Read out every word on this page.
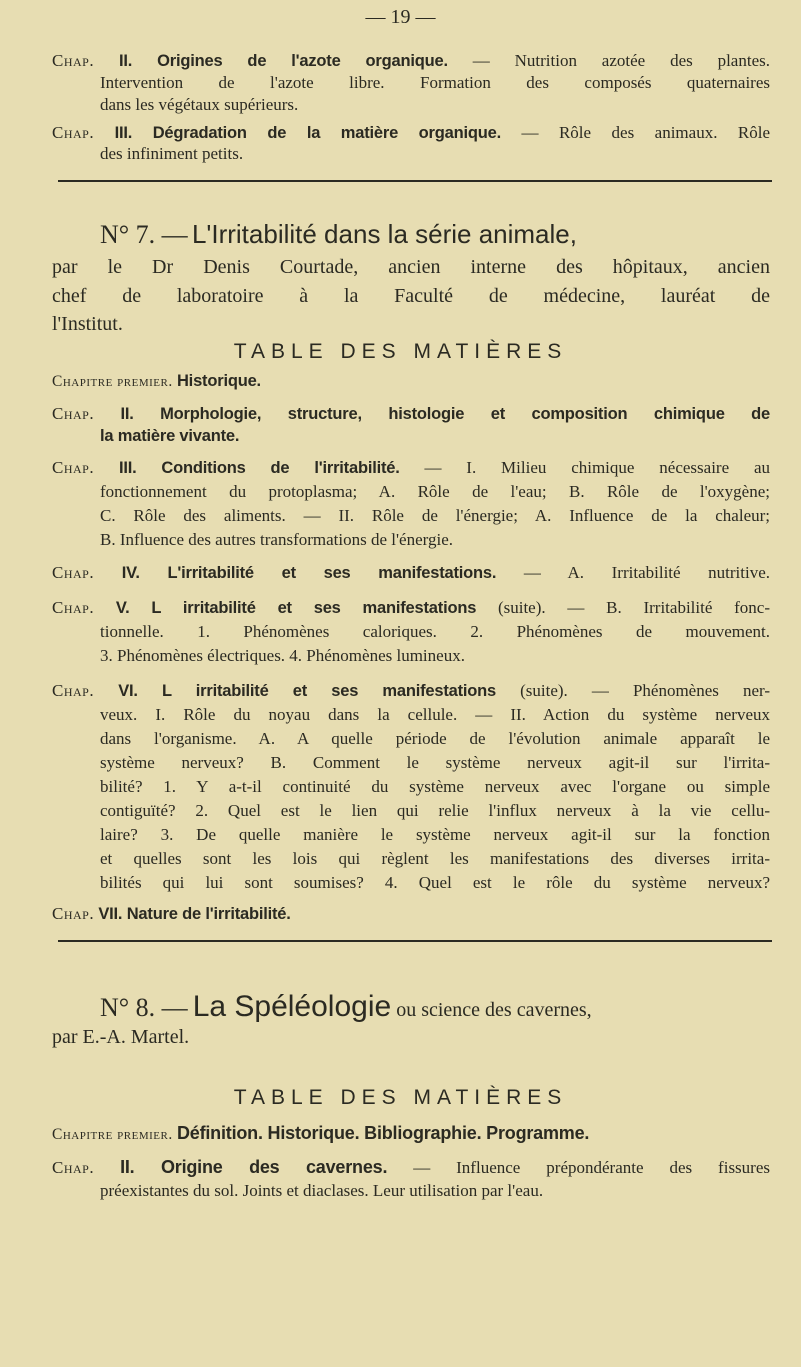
— 19 —
Chap. II. Origines de l'azote organique. — Nutrition azotée des plantes.
Intervention de l'azote libre. Formation des composés quaternaires
dans les végétaux supérieurs.
Chap. III. Dégradation de la matière organique. — Rôle des animaux. Rôle
des infiniment petits.
N° 7. — L'Irritabilité dans la série animale,
par le Dr Denis Courtade, ancien interne des hôpitaux, ancien
chef de laboratoire à la Faculté de médecine, lauréat de
l'Institut.
TABLE DES MATIÈRES
Chapitre premier. Historique.
Chap. II. Morphologie, structure, histologie et composition chimique de
la matière vivante.
Chap. III. Conditions de l'irritabilité. — I. Milieu chimique nécessaire au
fonctionnement du protoplasma; A. Rôle de l'eau; B. Rôle de l'oxygène;
C. Rôle des aliments. — II. Rôle de l'énergie; A. Influence de la chaleur;
B. Influence des autres transformations de l'énergie.
Chap. IV. L'irritabilité et ses manifestations. — A. Irritabilité nutritive.
Chap. V. L irritabilité et ses manifestations (suite). — B. Irritabilité fonc-
tionnelle. 1. Phénomènes caloriques. 2. Phénomènes de mouvement.
3. Phénomènes électriques. 4. Phénomènes lumineux.
Chap. VI. L irritabilité et ses manifestations (suite). — Phénomènes ner-
veux. I. Rôle du noyau dans la cellule. — II. Action du système nerveux
dans l'organisme. A. A quelle période de l'évolution animale apparaît le
système nerveux? B. Comment le système nerveux agit-il sur l'irrita-
bilité? 1. Y a-t-il continuité du système nerveux avec l'organe ou simple
contiguïté? 2. Quel est le lien qui relie l'influx nerveux à la vie cellu-
laire? 3. De quelle manière le système nerveux agit-il sur la fonction
et quelles sont les lois qui règlent les manifestations des diverses irrita-
bilités qui lui sont soumises? 4. Quel est le rôle du système nerveux?
Chap. VII. Nature de l'irritabilité.
N° 8. — La Spéléologie ou science des cavernes,
par E.-A. Martel.
TABLE DES MATIÈRES
Chapitre premier. Définition. Historique. Bibliographie. Programme.
Chap. II. Origine des cavernes. — Influence prépondérante des fissures
préexistantes du sol. Joints et diaclases. Leur utilisation par l'eau.
